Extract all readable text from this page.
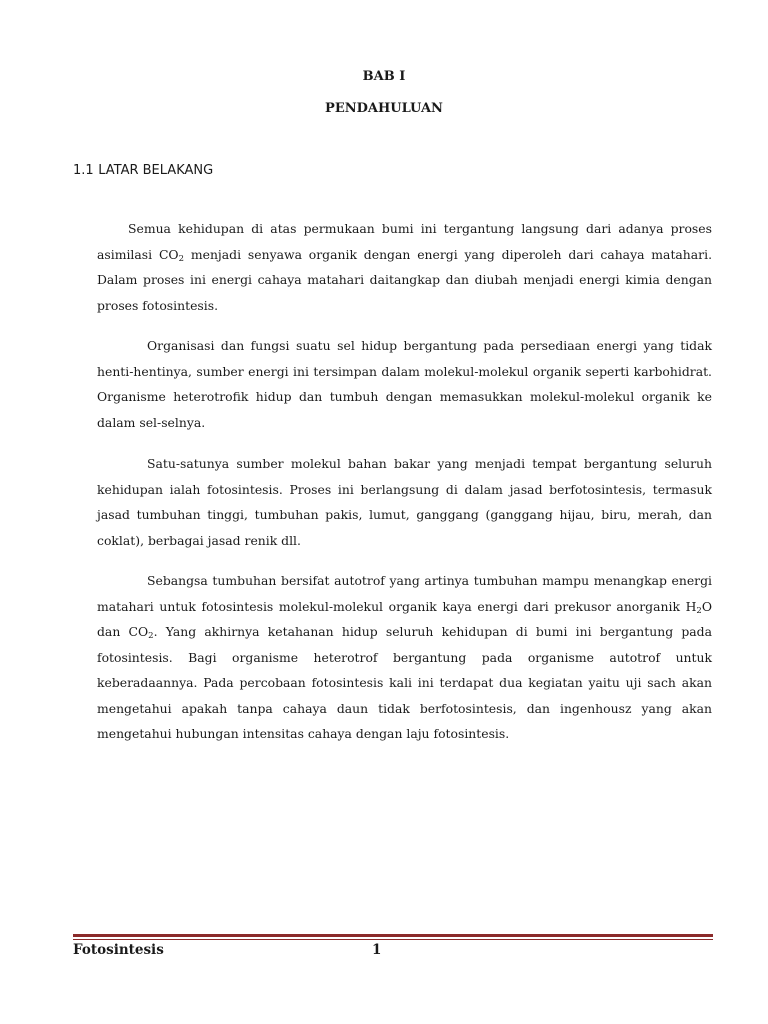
BAB I
PENDAHULUAN
1.1 LATAR BELAKANG

Semua kehidupan di atas permukaan bumi ini tergantung langsung dari adanya proses asimilasi $CO_2$ menjadi senyawa organik dengan energi yang diperoleh dari cahaya matahari. Dalam proses ini energi cahaya matahari daitangkap dan diubah menjadi energi kimia dengan proses fotosintesis.

Organisasi dan fungsi suatu sel hidup bergantung pada persediaan energi yang tidak henti-hentinya, sumber energi ini tersimpan dalam molekul-molekul organik seperti karbohidrat. Organisme heterotrofik hidup dan tumbuh dengan memasukkan molekul-molekul organik ke dalam sel-selnya.

Satu-satunya sumber molekul bahan bakar yang menjadi tempat bergantung seluruh kehidupan ialah fotosintesis. Proses ini berlangsung di dalam jasad berfotosintesis, termasuk jasad tumbuhan tinggi, tumbuhan pakis, lumut, ganggang (ganggang hijau, biru, merah, dan coklat), berbagai jasad renik dll.

Sebangsa tumbuhan bersifat autotrof yang artinya tumbuhan mampu menangkap energi matahari untuk fotosintesis molekul-molekul organik kaya energi dari prekusor anorganik $H_2O$ dan $CO_2$. Yang akhirnya ketahanan hidup seluruh kehidupan di bumi ini bergantung pada fotosintesis. Bagi organisme heterotrof bergantung pada organisme autotrof untuk keberadaannya. Pada percobaan fotosintesis kali ini terdapat dua kegiatan yaitu uji sach akan mengetahui apakah tanpa cahaya daun tidak berfotosintesis, dan ingenhousz yang akan mengetahui hubungan intensitas cahaya dengan laju fotosintesis.

Fotosintesis	1
